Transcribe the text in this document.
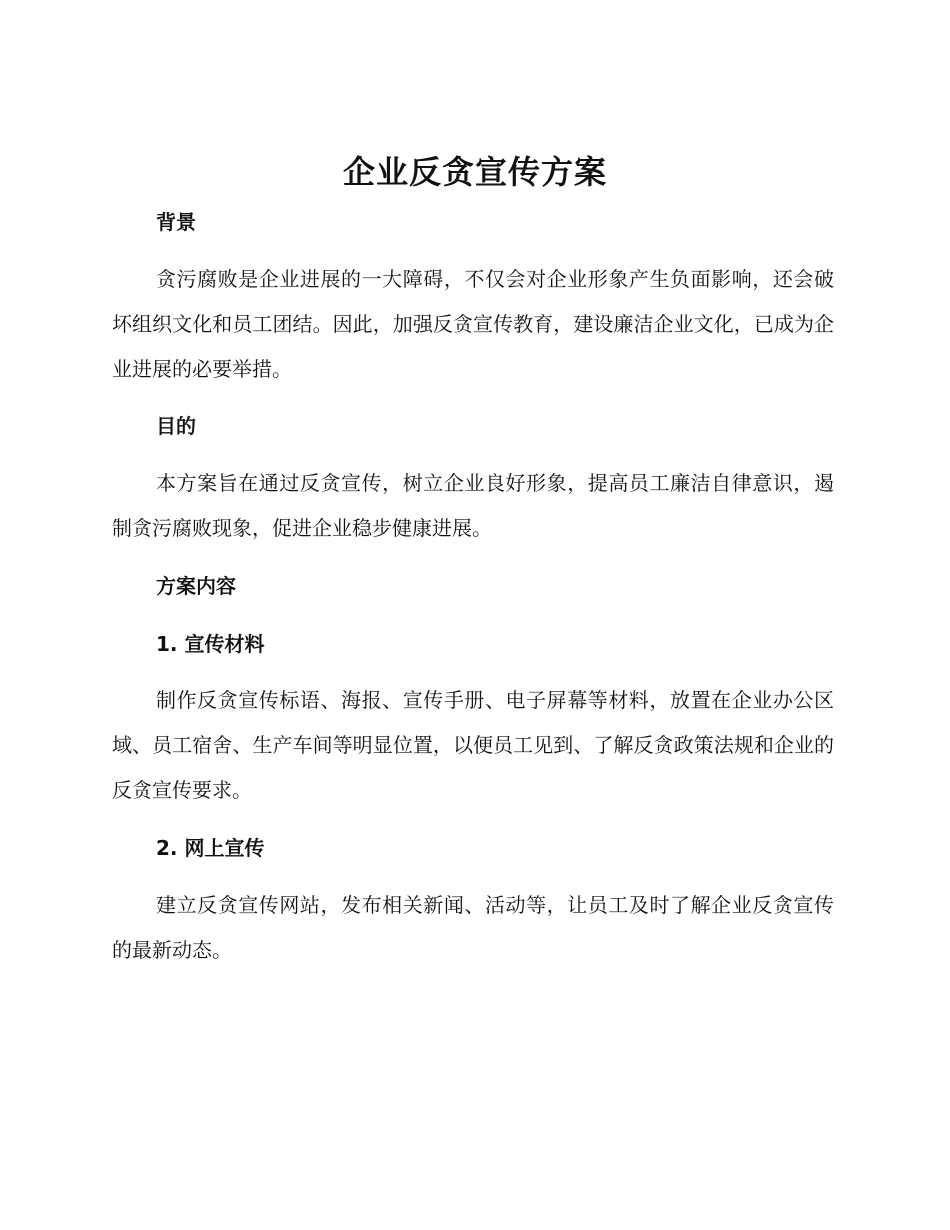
企业反贪宣传方案
背景

贪污腐败是企业进展的一大障碍，不仅会对企业形象产生负面影响，还会破坏组织文化和员工团结。因此，加强反贪宣传教育，建设廉洁企业文化，已成为企业进展的必要举措。

目的

本方案旨在通过反贪宣传，树立企业良好形象，提高员工廉洁自律意识，遏制贪污腐败现象，促进企业稳步健康进展。

方案内容
1. 宣传材料

制作反贪宣传标语、海报、宣传手册、电子屏幕等材料，放置在企业办公区域、员工宿舍、生产车间等明显位置，以便员工见到、了解反贪政策法规和企业的反贪宣传要求。

2. 网上宣传

建立反贪宣传网站，发布相关新闻、活动等，让员工及时了解企业反贪宣传的最新动态。
